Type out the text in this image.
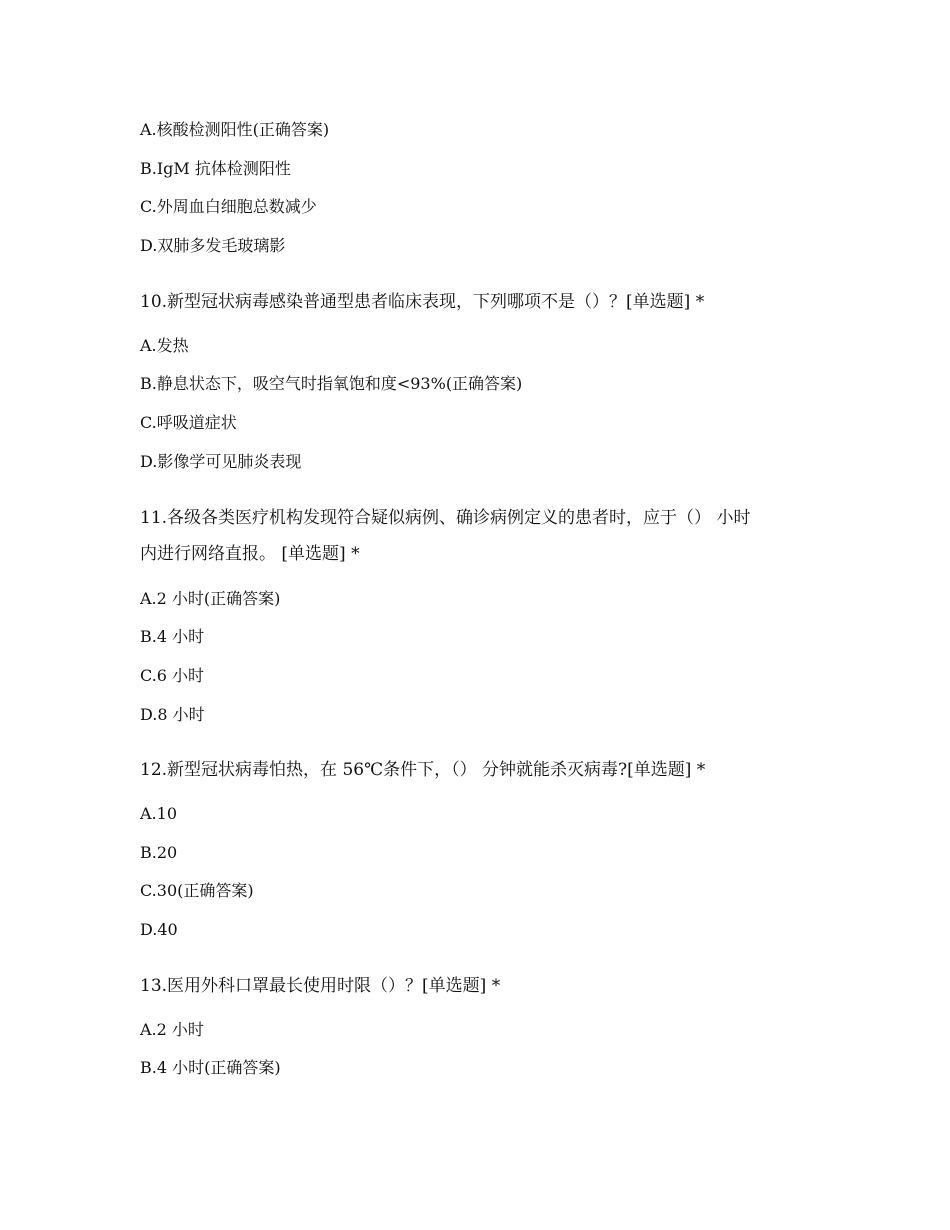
A.核酸检测阳性(正确答案)
B.IgM 抗体检测阳性
C.外周血白细胞总数减少
D.双肺多发毛玻璃影
10.新型冠状病毒感染普通型患者临床表现，下列哪项不是（）？[单选题] *
A.发热
B.静息状态下，吸空气时指氧饱和度<93%(正确答案)
C.呼吸道症状
D.影像学可见肺炎表现
11.各级各类医疗机构发现符合疑似病例、确诊病例定义的患者时，应于（） 小时
内进行网络直报。 [单选题] *
A.2 小时(正确答案)
B.4 小时
C.6 小时
D.8 小时
12.新型冠状病毒怕热，在 56℃条件下，（） 分钟就能杀灭病毒?[单选题] *
A.10
B.20
C.30(正确答案)
D.40
13.医用外科口罩最长使用时限（）？[单选题] *
A.2 小时
B.4 小时(正确答案)
